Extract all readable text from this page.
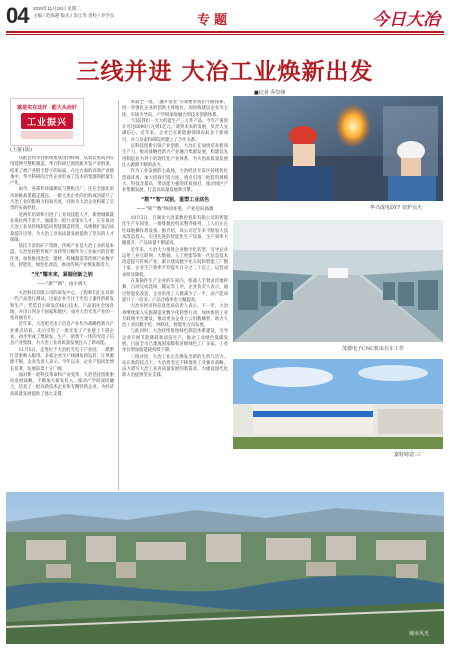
04 2025年11月18日 星期二
主编 / 范海港 版式 / 余江寿 责校 / 李学东	专题	今日大冶
三线并进 大冶工业焕新出发
■记者 乔崇锋
就是实在这好 · 能大头冶好
工业振兴
(上接1版)

从配套到零到系统集成再到终端，从软装集成到应用延伸至整机制造，华兴科研已围绕新开发产业链条，结束了被产业链卡脖子的局面，在这方面的高效产业链条中，华兴科研的合作企业形成了技术的集群和批量生产化。

如今，各部件环球测试与整机出厂，还在全球化的市场挑战里越走越远。一批大冶企业的出海成功提升了大冶工业的影响力和知名度，同时为大冶企业积累了宝贵的实战经验。

近两年培训和引进了工业高技能人才，新增城镇就业岗位两千余个，涌现出一批行业领军人才，正在推动大冶工业从传统制造向智能制造转型，从规模扩张向质量提升迈进，为大冶工业高质量发展提供了坚实的人才保障。

依托丰富的矿产资源，传统产业是大冶工业的基本盘。大冶坚持把传统产业转型升级作为工业振兴的首要任务，加快推进冶金、建材、机械制造等传统产业数字化、智能化、绿色化改造，推动传统产业焕发新活力。

“光”耀未来，紧握创新之钥
——“新”“新”，由小到大

大冶科技有限公司的研发中心，工程师们正在对新一代产品进行测试。这家企业专注于光电子器件的研发和生产，凭借自主研发的核心技术，产品销往全国各地，并出口到多个国家和地区，成为大冶光电产业的一张亮丽名片。

近年来，大冶把光电子信息产业作为战略性新兴产业重点培育，先后引进了一批光电子产业链上下游企业，初步形成了集研发、生产、销售于一体的光电子信息产业集群，为大冶工业高质量发展注入了新动能。

11月5日，走进位于大冶的光电子产业园，一派繁忙景象映入眼帘。多家企业生产线满负荷运转，订单源源不断。企业负责人表示，今年以来，企业产值同比增长显著，发展前景十分广阔。

面对新一轮科技革命和产业变革，大冶坚持创新驱动发展战略，不断加大研发投入，推动产学研深度融合，培育了一批高新技术企业和专精特新企业，为经济高质量发展提供了强大支撑。

本就全一批，“融开发者”引领要求我们不断探索，进一步强化企业的创新主体地位，加快构建以企业为主体、市场为导向、产学研深度融合的技术创新体系。

“目前我们一天大约能生产三万件产品。今年产值预计可达8000万元到1亿元。”谈到未来的发展，负责人充满信心。近年来，企业已在新能源领域布局多个新项目，并与多家科研院所建立了合作关系。

以科技创新引领产业创新，大冶正在加快培育新质生产力，推动战略性新兴产业融合集群发展，构建以先进制造业为骨干的现代化产业体系，为大冶高质量发展注入源源不断的动力。

作为工业发展的主战场，大冶经济开发区持续优化营商环境，加大招商引资力度，重点引进一批投资规模大、科技含量高、带动能力强的优质项目，推动园区产业集聚发展，打造高质量发展新引擎。

“数”“智”双驱，重塑工业底色
——“转”“数”协同并进，产业迈向高端

10月3日，在湖北大冶某数控机床有限公司的智能化生产车间里，一排排数控机床整齐排列，工人们正在忙碌地操作着设备。据介绍，该公司近年来不断加大技术改造投入，引进先进的智能化生产设备，生产效率大幅提升，产品质量不断提高。

近年来，大冶大力推进企业数字化转型，引导企业运用工业互联网、大数据、人工智能等新一代信息技术改造提升传统产业，累计建成数字化车间和智能工厂数十家，企业生产效率平均提升百分之二十以上，运营成本明显降低。

在某铸件生产企业的车间内，机器人手臂灵活地挥舞，自动完成浇铸、搬运等工序。企业负责人表示，通过智能化改造，企业的用工人数减少了一半，而产能却提升了一倍多，产品合格率也大幅提高。

大冶市经济和信息化局负责人表示，下一步，大冶将继续深入实施制造业数字化转型行动，加快推进工业互联网平台建设，推动更多企业上云用数赋智，助力大冶工业向数字化、网络化、智能化方向发展。

与此同时，大冶持续推进绿色制造体系建设，引导企业开展节能降耗和清洁生产，推动工业绿色低碳发展。目前全市已建成国家级和省级绿色工厂多家，工业单位增加值能耗持续下降。

三线并进，大冶工业正在焕发出新的生机与活力。站在新的起点上，大冶将坚定不移推进工业强市战略，奋力谱写大冶工业高质量发展的新篇章，为建设现代化新大冶提供坚实支撑。

华兴成电DY7 窑炉点火
茂德电子CNC机床在车工作
嘉特铸造三厂
城市风光
